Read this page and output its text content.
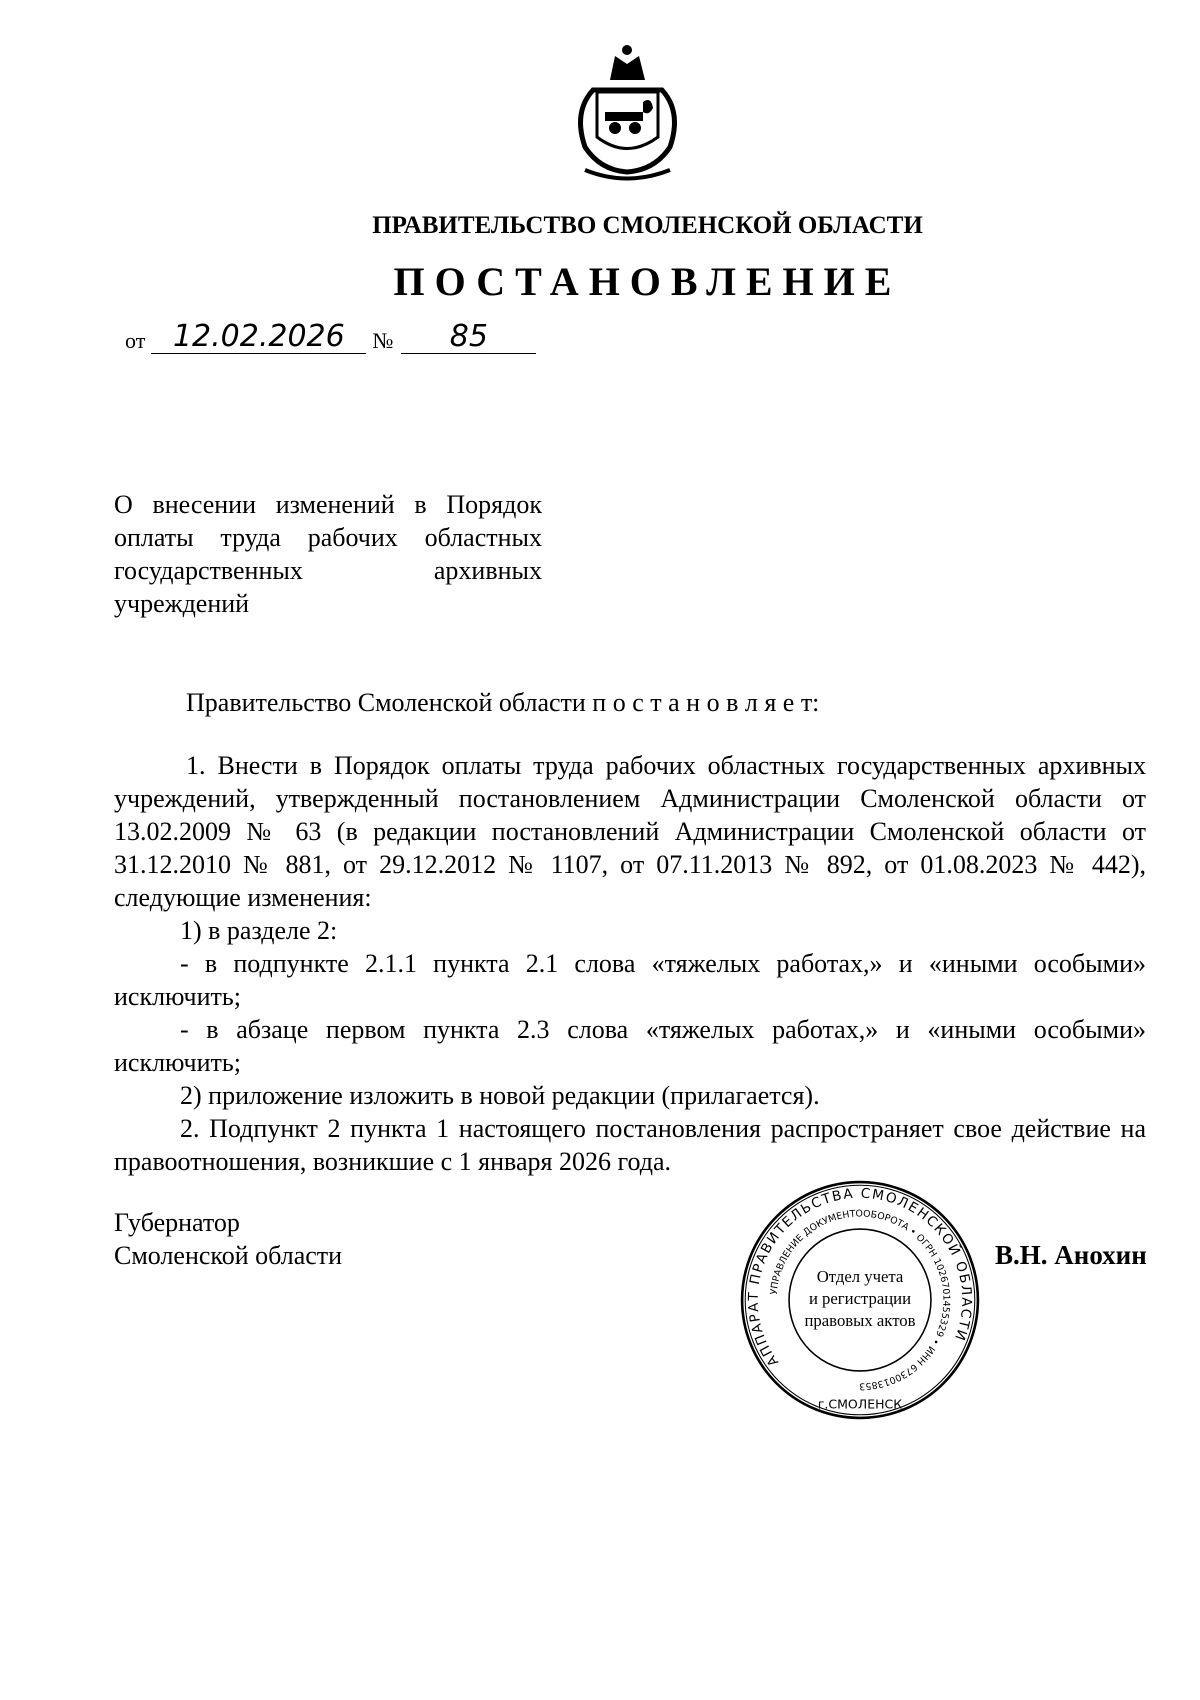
ПРАВИТЕЛЬСТВО СМОЛЕНСКОЙ ОБЛАСТИ
ПОСТАНОВЛЕНИЕ
от 12.02.2026	№	85
О внесении изменений в Порядок
оплаты труда рабочих областных
государственных архивных
учреждений

Правительство Смоленской области п о с т а н о в л я е т:

1. Внести в Порядок оплаты труда рабочих областных государственных архивных учреждений, утвержденный постановлением Администрации Смоленской области от 13.02.2009 № 63 (в редакции постановлений Администрации Смоленской области от 31.12.2010 № 881, от 29.12.2012 № 1107, от 07.11.2013 № 892, от 01.08.2023 № 442), следующие изменения:

1) в разделе 2:

- в подпункте 2.1.1 пункта 2.1 слова «тяжелых работах,» и «иными особыми» исключить;

- в абзаце первом пункта 2.3 слова «тяжелых работах,» и «иными особыми» исключить;

2) приложение изложить в новой редакции (прилагается).

2. Подпункт 2 пункта 1 настоящего постановления распространяет свое действие на правоотношения, возникшие с 1 января 2026 года.

Губернатор
Смоленской области
АППАРАТ ПРАВИТЕЛЬСТВА СМОЛЕНСКОЙ ОБЛАСТИ
УПРАВЛЕНИЕ ДОКУМЕНТООБОРОТА • ОГРН 1026701455329 • ИНН 6730013853
г.СМОЛЕНСК
Отдел учета
и регистрации
правовых актов
В.Н. Анохин
